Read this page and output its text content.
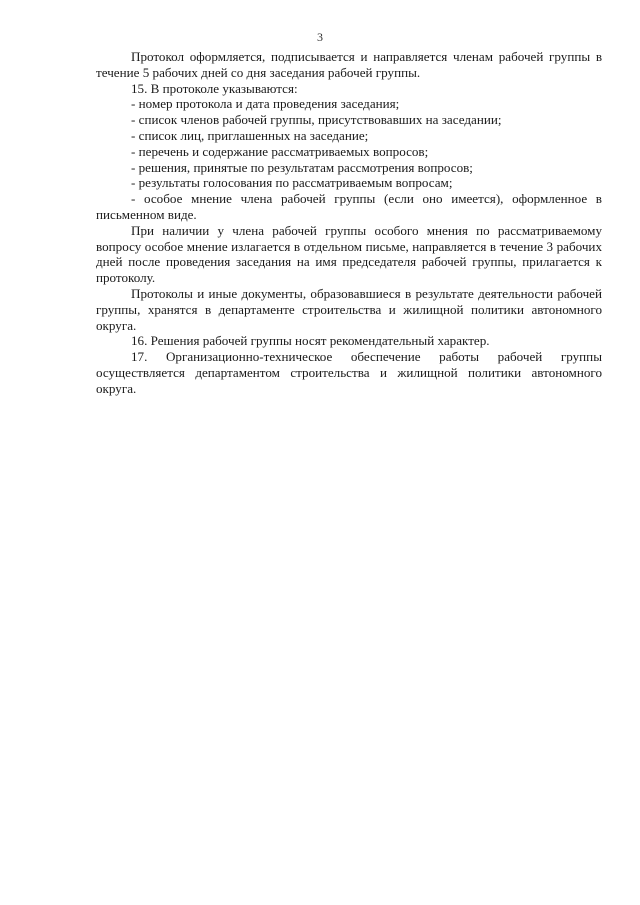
3

Протокол оформляется, подписывается и направляется членам рабочей группы в течение 5 рабочих дней со дня заседания рабочей группы.

15. В протоколе указываются:

- номер протокола и дата проведения заседания;

- список членов рабочей группы, присутствовавших на заседании;

- список лиц, приглашенных на заседание;

- перечень и содержание рассматриваемых вопросов;

- решения, принятые по результатам рассмотрения вопросов;

- результаты голосования по рассматриваемым вопросам;

- особое мнение члена рабочей группы (если оно имеется), оформленное в письменном виде.

При наличии у члена рабочей группы особого мнения по рассматриваемому вопросу особое мнение излагается в отдельном письме, направляется в течение 3 рабочих дней после проведения заседания на имя председателя рабочей группы, прилагается к протоколу.

Протоколы и иные документы, образовавшиеся в результате деятельности рабочей группы, хранятся в департаменте строительства и жилищной политики автономного округа.

16. Решения рабочей группы носят рекомендательный характер.

17. Организационно-техническое обеспечение работы рабочей группы осуществляется департаментом строительства и жилищной политики автономного округа.
